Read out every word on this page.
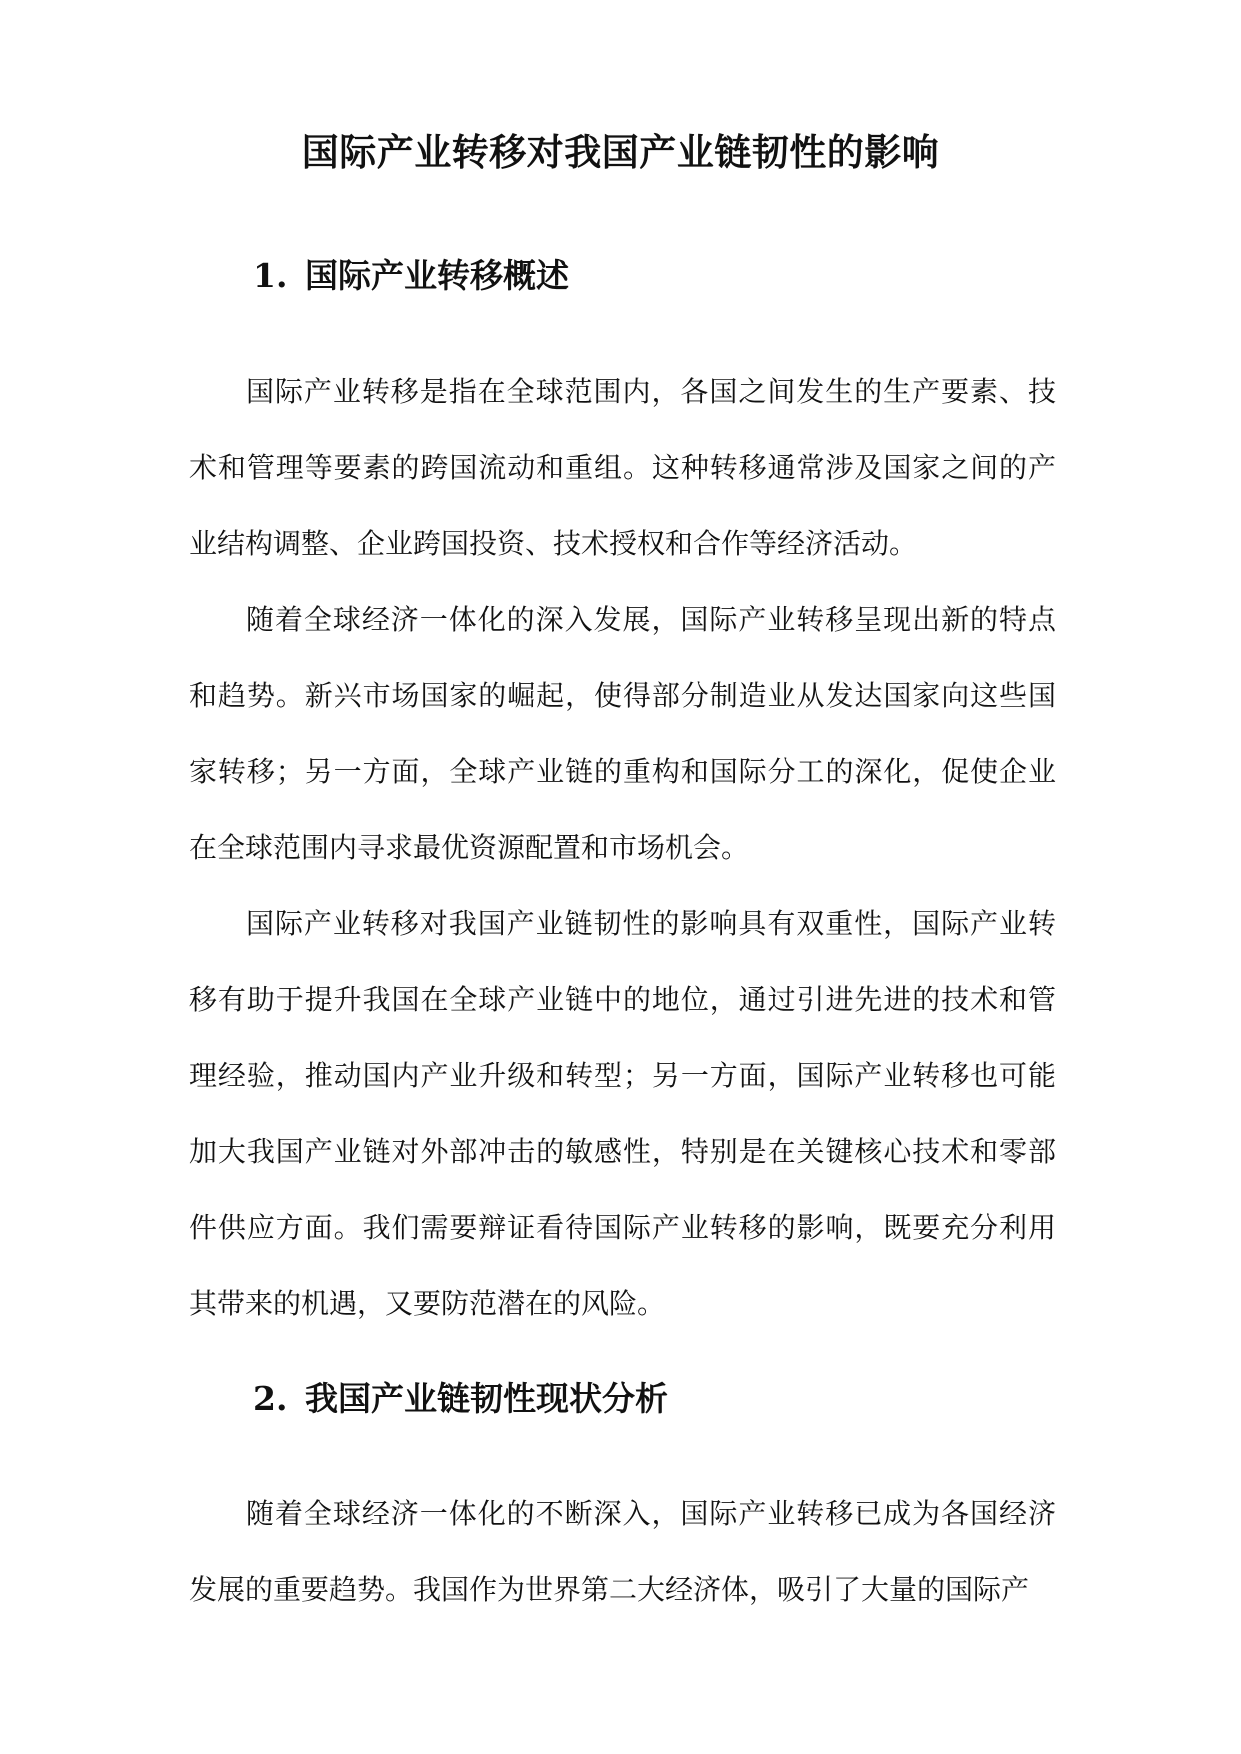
国际产业转移对我国产业链韧性的影响
1. 国际产业转移概述

国际产业转移是指在全球范围内，各国之间发生的生产要素、技术和管理等要素的跨国流动和重组。这种转移通常涉及国家之间的产业结构调整、企业跨国投资、技术授权和合作等经济活动。

随着全球经济一体化的深入发展，国际产业转移呈现出新的特点和趋势。新兴市场国家的崛起，使得部分制造业从发达国家向这些国家转移；另一方面，全球产业链的重构和国际分工的深化，促使企业在全球范围内寻求最优资源配置和市场机会。

国际产业转移对我国产业链韧性的影响具有双重性，国际产业转移有助于提升我国在全球产业链中的地位，通过引进先进的技术和管理经验，推动国内产业升级和转型；另一方面，国际产业转移也可能加大我国产业链对外部冲击的敏感性，特别是在关键核心技术和零部件供应方面。我们需要辩证看待国际产业转移的影响，既要充分利用其带来的机遇，又要防范潜在的风险。

2. 我国产业链韧性现状分析

随着全球经济一体化的不断深入，国际产业转移已成为各国经济发展的重要趋势。我国作为世界第二大经济体，吸引了大量的国际产
